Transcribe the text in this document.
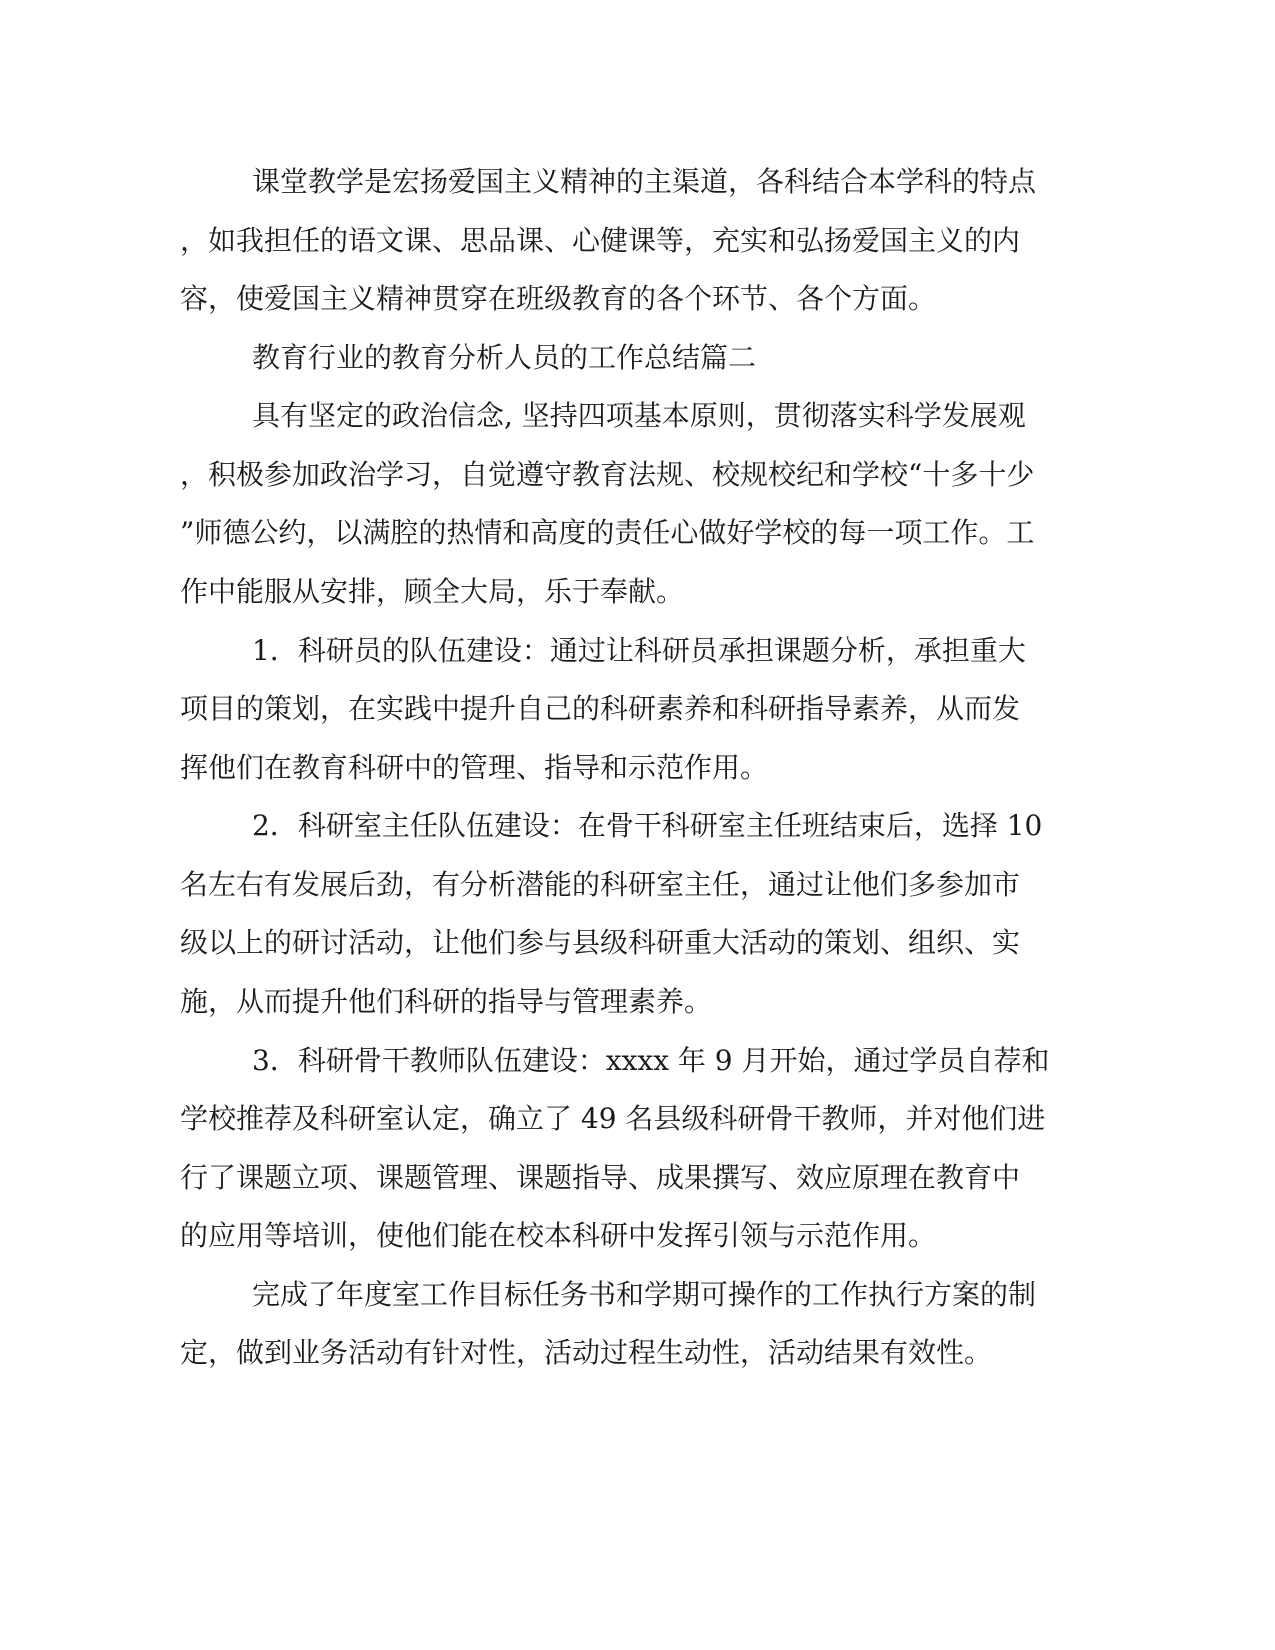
课堂教学是宏扬爱国主义精神的主渠道，各科结合本学科的特点

，如我担任的语文课、思品课、心健课等，充实和弘扬爱国主义的内

容，使爱国主义精神贯穿在班级教育的各个环节、各个方面。

教育行业的教育分析人员的工作总结篇二

具有坚定的政治信念, 坚持四项基本原则，贯彻落实科学发展观

，积极参加政治学习，自觉遵守教育法规、校规校纪和学校“十多十少

”师德公约，以满腔的热情和高度的责任心做好学校的每一项工作。工

作中能服从安排，顾全大局，乐于奉献。

1．科研员的队伍建设：通过让科研员承担课题分析，承担重大

项目的策划，在实践中提升自己的科研素养和科研指导素养，从而发

挥他们在教育科研中的管理、指导和示范作用。

2．科研室主任队伍建设：在骨干科研室主任班结束后，选择 10

名左右有发展后劲，有分析潜能的科研室主任，通过让他们多参加市

级以上的研讨活动，让他们参与县级科研重大活动的策划、组织、实

施，从而提升他们科研的指导与管理素养。

3．科研骨干教师队伍建设：xxxx 年 9 月开始，通过学员自荐和

学校推荐及科研室认定，确立了 49 名县级科研骨干教师，并对他们进

行了课题立项、课题管理、课题指导、成果撰写、效应原理在教育中

的应用等培训，使他们能在校本科研中发挥引领与示范作用。

完成了年度室工作目标任务书和学期可操作的工作执行方案的制

定，做到业务活动有针对性，活动过程生动性，活动结果有效性。
